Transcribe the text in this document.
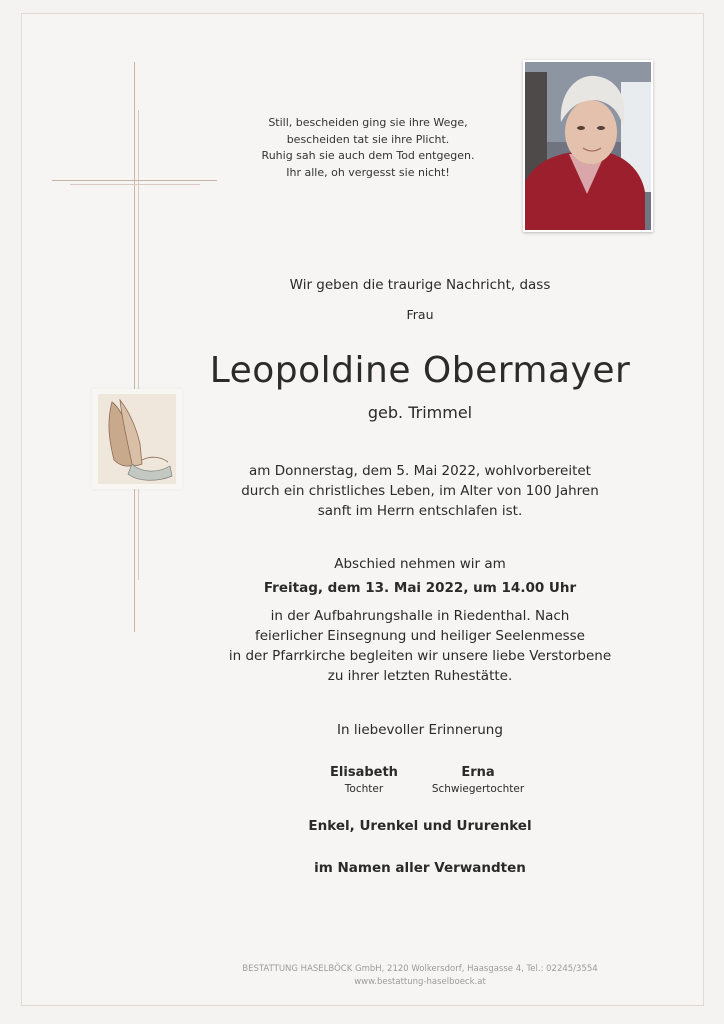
Still, bescheiden ging sie ihre Wege,
bescheiden tat sie ihre Plicht.
Ruhig sah sie auch dem Tod entgegen.
Ihr alle, oh vergesst sie nicht!
Wir geben die traurige Nachricht, dass
Frau
Leopoldine Obermayer
geb. Trimmel
am Donnerstag, dem 5. Mai 2022, wohlvorbereitet
durch ein christliches Leben, im Alter von 100 Jahren
sanft im Herrn entschlafen ist.
Abschied nehmen wir am
Freitag, dem 13. Mai 2022, um 14.00 Uhr
in der Aufbahrungshalle in Riedenthal. Nach
feierlicher Einsegnung und heiliger Seelenmesse
in der Pfarrkirche begleiten wir unsere liebe Verstorbene
zu ihrer letzten Ruhestätte.
In liebevoller Erinnerung
Elisabeth
Tochter
Erna
Schwiegertochter
Enkel, Urenkel und Ururenkel
im Namen aller Verwandten
BESTATTUNG HASELBÖCK GmbH, 2120 Wolkersdorf, Haasgasse 4, Tel.: 02245/3554
www.bestattung-haselboeck.at
